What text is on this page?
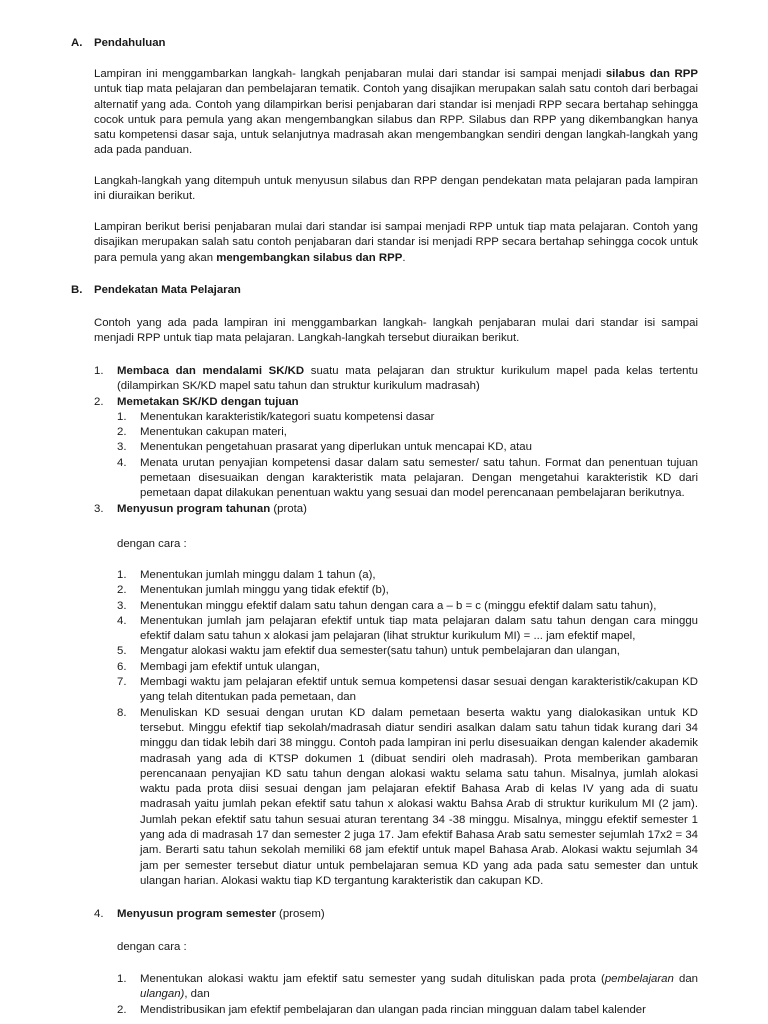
A. Pendahuluan
Lampiran ini menggambarkan langkah- langkah penjabaran mulai dari standar isi sampai menjadi silabus dan RPP untuk tiap mata pelajaran dan pembelajaran tematik. Contoh yang disajikan merupakan salah satu contoh dari berbagai alternatif yang ada. Contoh yang dilampirkan berisi penjabaran dari standar isi menjadi RPP secara bertahap sehingga cocok untuk para pemula yang akan mengembangkan silabus dan RPP. Silabus dan RPP yang dikembangkan hanya satu kompetensi dasar saja, untuk selanjutnya madrasah akan mengembangkan sendiri dengan langkah-langkah yang ada pada panduan.
Langkah-langkah yang ditempuh untuk menyusun silabus dan RPP dengan pendekatan mata pelajaran pada lampiran ini diuraikan berikut.
Lampiran berikut berisi penjabaran mulai dari standar isi sampai menjadi RPP untuk tiap mata pelajaran. Contoh yang disajikan merupakan salah satu contoh penjabaran dari standar isi menjadi RPP secara bertahap sehingga cocok untuk para pemula yang akan mengembangkan silabus dan RPP.
B. Pendekatan Mata Pelajaran
Contoh yang ada pada lampiran ini menggambarkan langkah- langkah penjabaran mulai dari standar isi sampai menjadi RPP untuk tiap mata pelajaran. Langkah-langkah tersebut diuraikan berikut.
1.	Membaca dan mendalami SK/KD suatu mata pelajaran dan struktur kurikulum mapel pada kelas tertentu (dilampirkan SK/KD mapel satu tahun dan struktur kurikulum madrasah)
2.	Memetakan SK/KD dengan tujuan
1.	Menentukan karakteristik/kategori suatu kompetensi dasar
2.	Menentukan cakupan materi,
3.	Menentukan pengetahuan prasarat yang diperlukan untuk mencapai KD, atau
4.	Menata urutan penyajian kompetensi dasar dalam satu semester/ satu tahun. Format dan penentuan tujuan pemetaan disesuaikan dengan karakteristik mata pelajaran. Dengan mengetahui karakteristik KD dari pemetaan dapat dilakukan penentuan waktu yang sesuai dan model perencanaan pembelajaran berikutnya.
3.	Menyusun program tahunan (prota)
dengan cara :
1.	Menentukan jumlah minggu dalam 1 tahun (a),
2.	Menentukan jumlah minggu yang tidak efektif (b),
3.	Menentukan minggu efektif dalam satu tahun dengan cara a – b = c (minggu efektif dalam satu tahun),
4.	Menentukan jumlah jam pelajaran efektif untuk tiap mata pelajaran dalam satu tahun dengan cara minggu efektif dalam satu tahun x alokasi jam pelajaran (lihat struktur kurikulum MI) = ... jam efektif mapel,
5.	Mengatur alokasi waktu jam efektif dua semester(satu tahun) untuk pembelajaran dan ulangan,
6.	Membagi jam efektif untuk ulangan,
7.	Membagi waktu jam pelajaran efektif untuk semua kompetensi dasar sesuai dengan karakteristik/cakupan KD yang telah ditentukan pada pemetaan, dan
8.	Menuliskan KD sesuai dengan urutan KD dalam pemetaan beserta waktu yang dialokasikan untuk KD tersebut. Minggu efektif tiap sekolah/madrasah diatur sendiri asalkan dalam satu tahun tidak kurang dari 34 minggu dan tidak lebih dari 38 minggu. Contoh pada lampiran ini perlu disesuaikan dengan kalender akademik madrasah yang ada di KTSP dokumen 1 (dibuat sendiri oleh madrasah). Prota memberikan gambaran perencanaan penyajian KD satu tahun dengan alokasi waktu selama satu tahun. Misalnya, jumlah alokasi waktu pada prota diisi sesuai dengan jam pelajaran efektif Bahasa Arab di kelas IV yang ada di suatu madrasah yaitu jumlah pekan efektif satu tahun x alokasi waktu Bahsa Arab di struktur kurikulum MI (2 jam). Jumlah pekan efektif satu tahun sesuai aturan terentang 34 -38 minggu. Misalnya, minggu efektif semester 1 yang ada di madrasah 17 dan semester 2 juga 17. Jam efektif Bahasa Arab satu semester sejumlah 17x2 = 34 jam. Berarti satu tahun sekolah memiliki 68 jam efektif untuk mapel Bahasa Arab. Alokasi waktu sejumlah 34 jam per semester tersebut diatur untuk pembelajaran semua KD yang ada pada satu semester dan untuk ulangan harian. Alokasi waktu tiap KD tergantung karakteristik dan cakupan KD.
4.	Menyusun program semester (prosem)
dengan cara :
1.	Menentukan alokasi waktu jam efektif satu semester yang sudah dituliskan pada prota (pembelajaran dan ulangan), dan
2.	Mendistribusikan jam efektif pembelajaran dan ulangan pada rincian mingguan dalam tabel kalender
